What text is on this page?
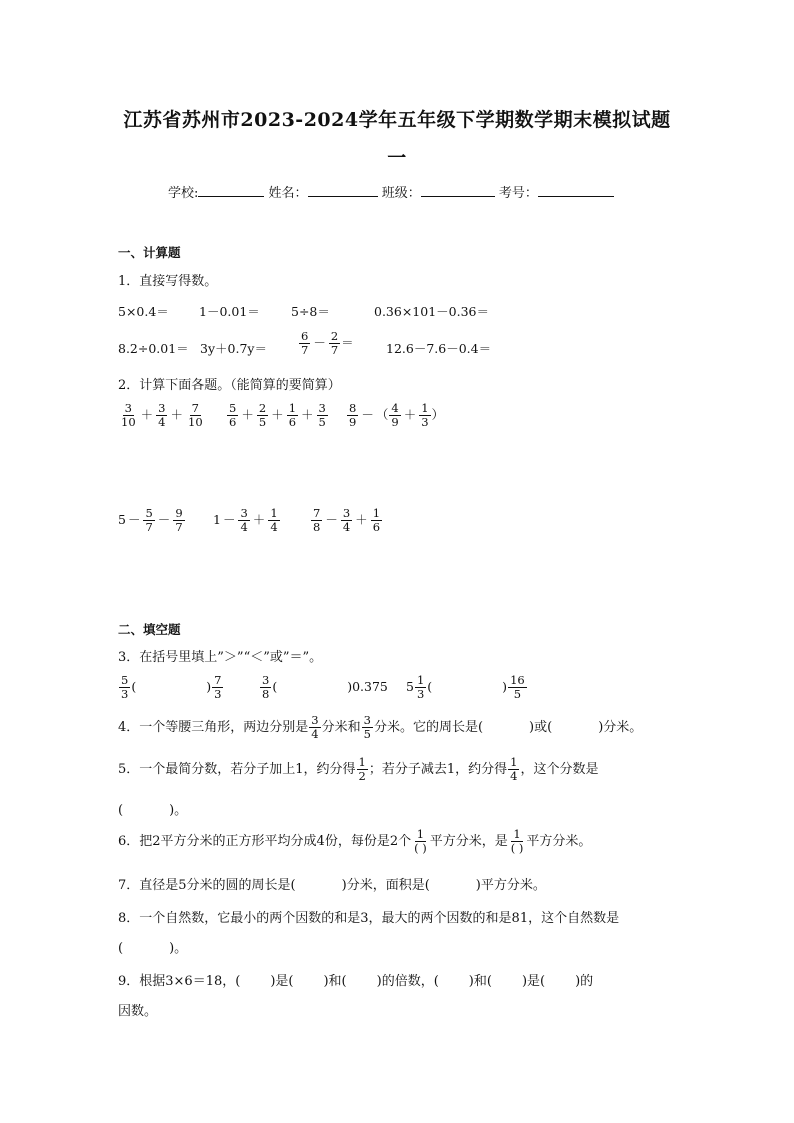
江苏省苏州市2023-2024学年五年级下学期数学期末模拟试题
一
学校:	姓名：	班级：	考号：
一、计算题
1．直接写得数。
5×0.4＝ 1－0.01＝ 5÷8＝	0.36×101－0.36＝
8.2÷0.01＝ 3y＋0.7y＝	$\frac{6}{7} - \frac{2}{7}$ ＝	12.6－7.6－0.4＝
2．计算下面各题。（能简算的要简算）
$\frac{3}{10} + \frac{3}{4} + \frac{7}{10} \frac{5}{6} + \frac{2}{5} + \frac{1}{6} + \frac{3}{5} \frac{8}{9}$ － （ $\frac{4}{9} + \frac{1}{3}$ ）
$5 - \frac{5}{7} - \frac{9}{7} 1 - \frac{3}{4} + \frac{1}{4}$	$\frac{7}{8} - \frac{3}{4} + \frac{1}{6}$
二、填空题
3．在括号里填上”＞”“＜”或”＝”。
$\frac{5}{3}$ (	) $\frac{7}{3}$	$\frac{3}{8}$ (	)0.375 $5 \frac{1}{3}$ (	) $\frac{16}{5}$
4．一个等腰三角形，两边分别是 $\frac{3}{4}$ 分米和 $\frac{3}{5}$ 分米。它的周长是(	)或(	)分米。
5．一个最简分数，若分子加上1，约分得 $\frac{1}{2}$ ；若分子减去1，约分得 $\frac{1}{4}$ ，这个分数是
(	)。
6．把2平方分米的正方形平均分成4份，每份是2个 $\frac{1}{( )}$ 平方分米，是 $\frac{1}{( )}$ 平方分米。
7．直径是5分米的圆的周长是(	)分米，面积是(	)平方分米。
8．一个自然数，它最小的两个因数的和是3，最大的两个因数的和是81，这个自然数是
(	)。
9．根据3×6＝18，( )是( )和( )的倍数，( )和( )是( )的
因数。
